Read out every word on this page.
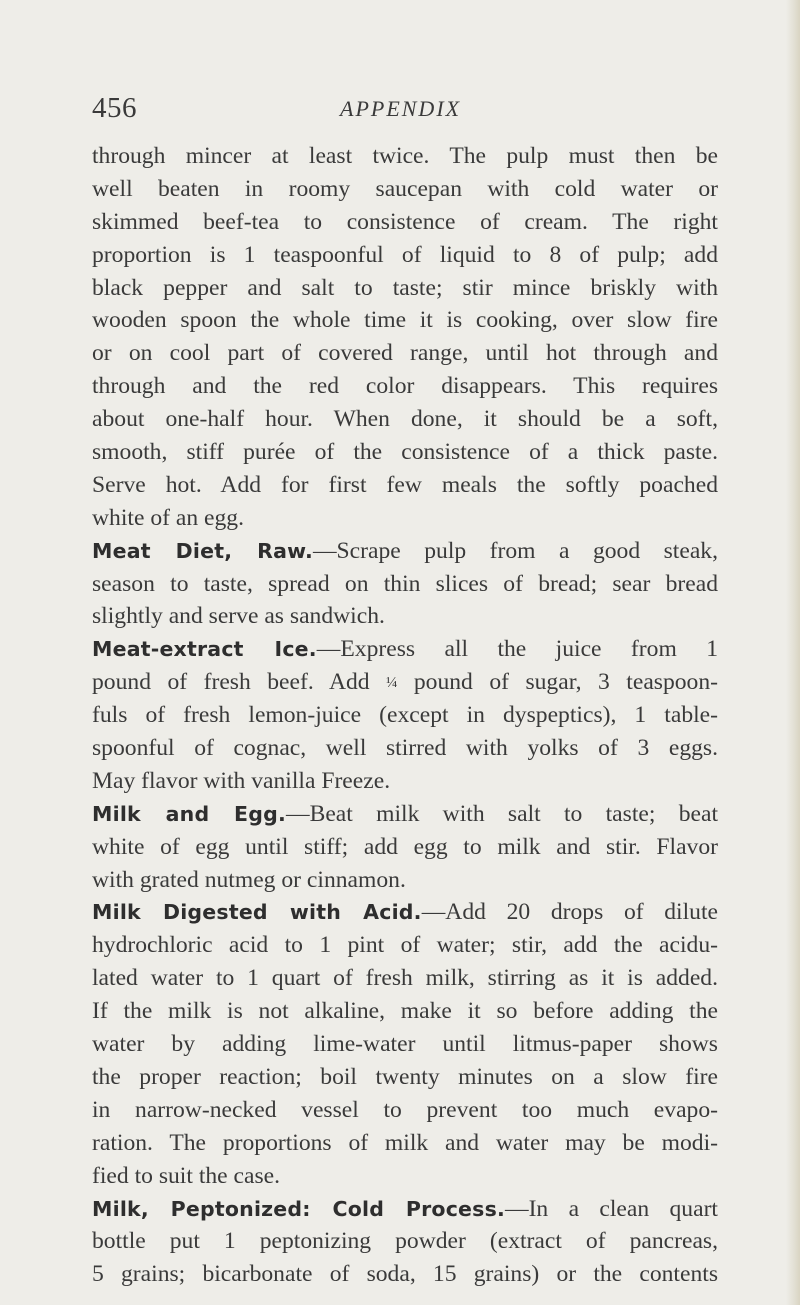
456	APPENDIX
through mincer at least twice. The pulp must then be
well beaten in roomy saucepan with cold water or
skimmed beef-tea to consistence of cream. The right
proportion is 1 teaspoonful of liquid to 8 of pulp; add
black pepper and salt to taste; stir mince briskly with
wooden spoon the whole time it is cooking, over slow fire
or on cool part of covered range, until hot through and
through and the red color disappears. This requires
about one-half hour. When done, it should be a soft,
smooth, stiff purée of the consistence of a thick paste.
Serve hot. Add for first few meals the softly poached
white of an egg.
Meat Diet, Raw.—Scrape pulp from a good steak,
season to taste, spread on thin slices of bread; sear bread
slightly and serve as sandwich.
Meat-extract Ice.—Express all the juice from 1
pound of fresh beef. Add ¼ pound of sugar, 3 teaspoon-
fuls of fresh lemon-juice (except in dyspeptics), 1 table-
spoonful of cognac, well stirred with yolks of 3 eggs.
May flavor with vanilla Freeze.
Milk and Egg.—Beat milk with salt to taste; beat
white of egg until stiff; add egg to milk and stir. Flavor
with grated nutmeg or cinnamon.
Milk Digested with Acid.—Add 20 drops of dilute
hydrochloric acid to 1 pint of water; stir, add the acidu-
lated water to 1 quart of fresh milk, stirring as it is added.
If the milk is not alkaline, make it so before adding the
water by adding lime-water until litmus-paper shows
the proper reaction; boil twenty minutes on a slow fire
in narrow-necked vessel to prevent too much evapo-
ration. The proportions of milk and water may be modi-
fied to suit the case.
Milk, Peptonized: Cold Process.—In a clean quart
bottle put 1 peptonizing powder (extract of pancreas,
5 grains; bicarbonate of soda, 15 grains) or the contents
